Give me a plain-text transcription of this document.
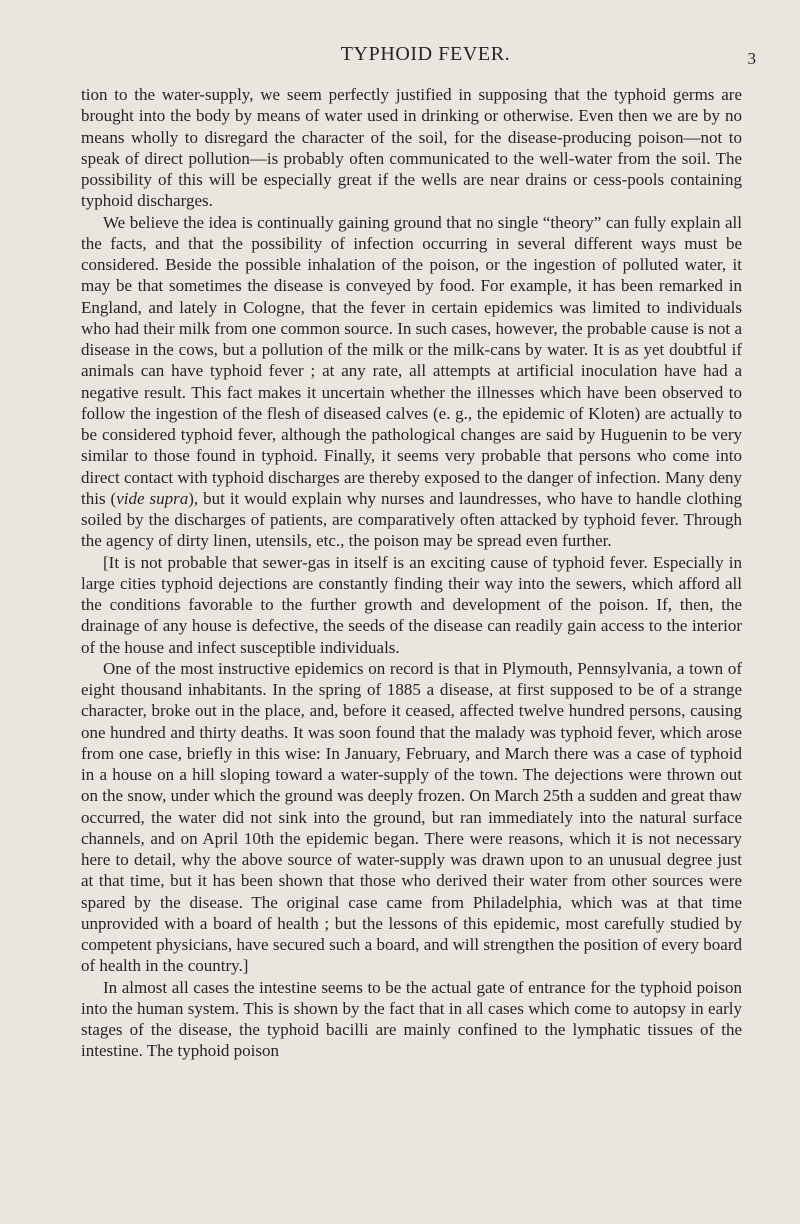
TYPHOID FEVER.	3

tion to the water-supply, we seem perfectly justified in supposing that the typhoid germs are brought into the body by means of water used in drinking or otherwise. Even then we are by no means wholly to disregard the character of the soil, for the disease-producing poison—not to speak of direct pollution—is probably often communicated to the well-water from the soil. The possibility of this will be especially great if the wells are near drains or cess-pools containing typhoid discharges.

We believe the idea is continually gaining ground that no single “theory” can fully explain all the facts, and that the possibility of infection occurring in several different ways must be considered. Beside the possible inhalation of the poison, or the ingestion of polluted water, it may be that sometimes the disease is conveyed by food. For example, it has been remarked in England, and lately in Cologne, that the fever in certain epidemics was limited to individuals who had their milk from one common source. In such cases, however, the probable cause is not a disease in the cows, but a pollution of the milk or the milk-cans by water. It is as yet doubtful if animals can have typhoid fever ; at any rate, all attempts at artificial inoculation have had a negative result. This fact makes it uncertain whether the illnesses which have been observed to follow the ingestion of the flesh of diseased calves (e. g., the epidemic of Kloten) are actually to be considered typhoid fever, although the pathological changes are said by Huguenin to be very similar to those found in typhoid. Finally, it seems very probable that persons who come into direct contact with typhoid discharges are thereby exposed to the danger of infection. Many deny this (vide supra), but it would explain why nurses and laundresses, who have to handle clothing soiled by the discharges of patients, are comparatively often attacked by typhoid fever. Through the agency of dirty linen, utensils, etc., the poison may be spread even further.

[It is not probable that sewer-gas in itself is an exciting cause of typhoid fever. Especially in large cities typhoid dejections are constantly finding their way into the sewers, which afford all the conditions favorable to the further growth and development of the poison. If, then, the drainage of any house is defective, the seeds of the disease can readily gain access to the interior of the house and infect susceptible individuals.

One of the most instructive epidemics on record is that in Plymouth, Pennsylvania, a town of eight thousand inhabitants. In the spring of 1885 a disease, at first supposed to be of a strange character, broke out in the place, and, before it ceased, affected twelve hundred persons, causing one hundred and thirty deaths. It was soon found that the malady was typhoid fever, which arose from one case, briefly in this wise: In January, February, and March there was a case of typhoid in a house on a hill sloping toward a water-supply of the town. The dejections were thrown out on the snow, under which the ground was deeply frozen. On March 25th a sudden and great thaw occurred, the water did not sink into the ground, but ran immediately into the natural surface channels, and on April 10th the epidemic began. There were reasons, which it is not necessary here to detail, why the above source of water-supply was drawn upon to an unusual degree just at that time, but it has been shown that those who derived their water from other sources were spared by the disease. The original case came from Philadelphia, which was at that time unprovided with a board of health ; but the lessons of this epidemic, most carefully studied by competent physicians, have secured such a board, and will strengthen the position of every board of health in the country.]

In almost all cases the intestine seems to be the actual gate of entrance for the typhoid poison into the human system. This is shown by the fact that in all cases which come to autopsy in early stages of the disease, the typhoid bacilli are mainly confined to the lymphatic tissues of the intestine. The typhoid poison
